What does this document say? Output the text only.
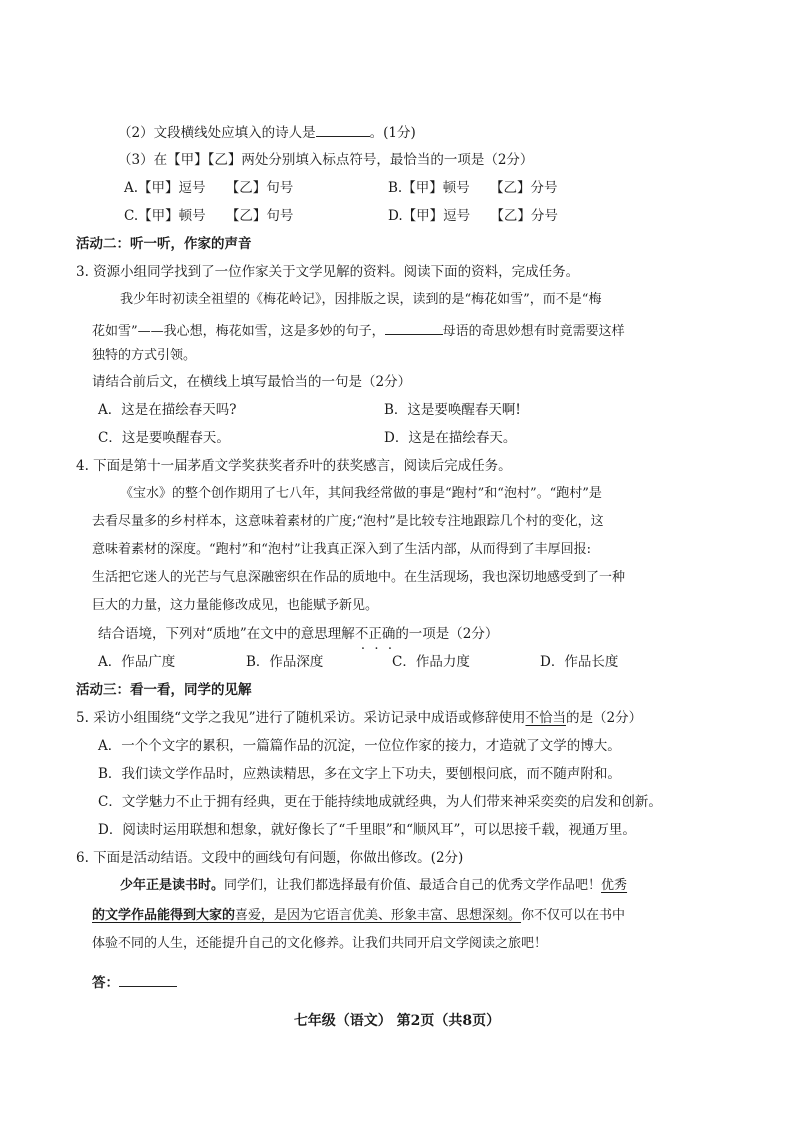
（2）文段横线处应填入的诗人是	。(1分)
（3）在【甲】【乙】两处分别填入标点符号，最恰当的一项是（2分）
A.【甲】逗号　　【乙】句号	B.【甲】顿号　　【乙】分号
C.【甲】顿号　　【乙】句号	D.【甲】逗号　　【乙】分号
活动二：听一听，作家的声音
3. 资源小组同学找到了一位作家关于文学见解的资料。阅读下面的资料，完成任务。
我少年时初读全祖望的《梅花岭记》，因排版之误，读到的是“梅花如雪”，而不是“梅
花如雪”——我心想，梅花如雪，这是多妙的句子，	母语的奇思妙想有时竟需要这样
独特的方式引领。
请结合前后文，在横线上填写最恰当的一句是（2分）
A．这是在描绘春天吗?	B．这是要唤醒春天啊!
C．这是要唤醒春天。	D．这是在描绘春天。
4. 下面是第十一届茅盾文学奖获奖者乔叶的获奖感言，阅读后完成任务。
《宝水》的整个创作期用了七八年，其间我经常做的事是“跑村”和“泡村”。“跑村”是
去看尽量多的乡村样本，这意味着素材的广度;“泡村”是比较专注地跟踪几个村的变化，这
意味着素材的深度。“跑村”和“泡村”让我真正深入到了生活内部，从而得到了丰厚回报:
生活把它迷人的光芒与气息深融密织在作品的质地中。在生活现场，我也深切地感受到了一种
巨大的力量，这力量能修改成见，也能赋予新见。
结合语境，下列对“质地”在文中的意思理解不正确的一项是（2分）
A．作品广度	B．作品深度	C．作品力度	D．作品长度
活动三：看一看，同学的见解
5. 采访小组围绕“文学之我见”进行了随机采访。采访记录中成语或修辞使用不恰当的是（2分）
A．一个个文字的累积，一篇篇作品的沉淀，一位位作家的接力，才造就了文学的博大。
B．我们读文学作品时，应熟读精思，多在文字上下功夫，要刨根问底，而不随声附和。
C．文学魅力不止于拥有经典，更在于能持续地成就经典，为人们带来神采奕奕的启发和创新。
D．阅读时运用联想和想象，就好像长了“千里眼”和“顺风耳”，可以思接千载，视通万里。
6. 下面是活动结语。文段中的画线句有问题，你做出修改。(2分)
少年正是读书时。同学们，让我们都选择最有价值、最适合自己的优秀文学作品吧！优秀
的文学作品能得到大家的喜爱，是因为它语言优美、形象丰富、思想深刻。你不仅可以在书中
体验不同的人生，还能提升自己的文化修养。让我们共同开启文学阅读之旅吧！
答：
七年级（语文） 第2页（共8页）
